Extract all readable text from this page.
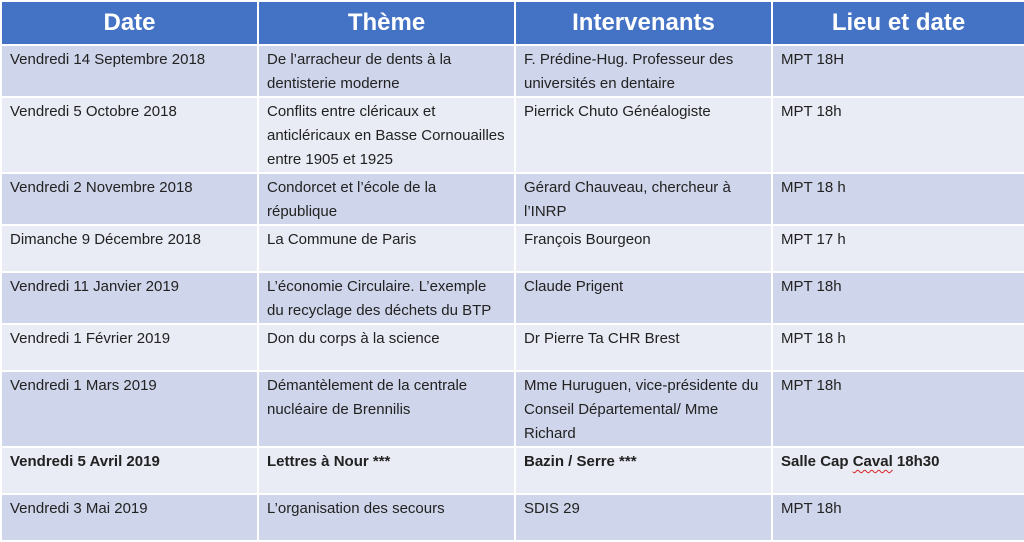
Date	Thème	Intervenants	Lieu et date
Vendredi 14 Septembre 2018	De l’arracheur de dents à la dentisterie moderne	F. Prédine-Hug. Professeur des universités en dentaire	MPT 18H
Vendredi 5 Octobre 2018	Conflits entre cléricaux et anticléricaux en Basse Cornouailles entre 1905 et 1925	Pierrick Chuto Généalogiste	MPT 18h
Vendredi 2 Novembre 2018	Condorcet et l’école de la république	Gérard Chauveau, chercheur à l’INRP	MPT 18 h
Dimanche 9 Décembre 2018	La Commune de Paris	François Bourgeon	MPT 17 h
Vendredi 11 Janvier 2019	L’économie Circulaire. L’exemple du recyclage des déchets du BTP	Claude Prigent	MPT 18h
Vendredi 1 Février 2019	Don du corps à la science	Dr Pierre Ta CHR Brest	MPT 18 h
Vendredi 1 Mars 2019	Démantèlement de la centrale nucléaire de Brennilis	Mme Huruguen, vice-présidente du Conseil Départemental/ Mme Richard	MPT 18h
Vendredi 5 Avril 2019	Lettres à Nour ***	Bazin / Serre ***	Salle Cap Caval 18h30
Vendredi 3 Mai 2019	L’organisation des secours	SDIS 29	MPT 18h
